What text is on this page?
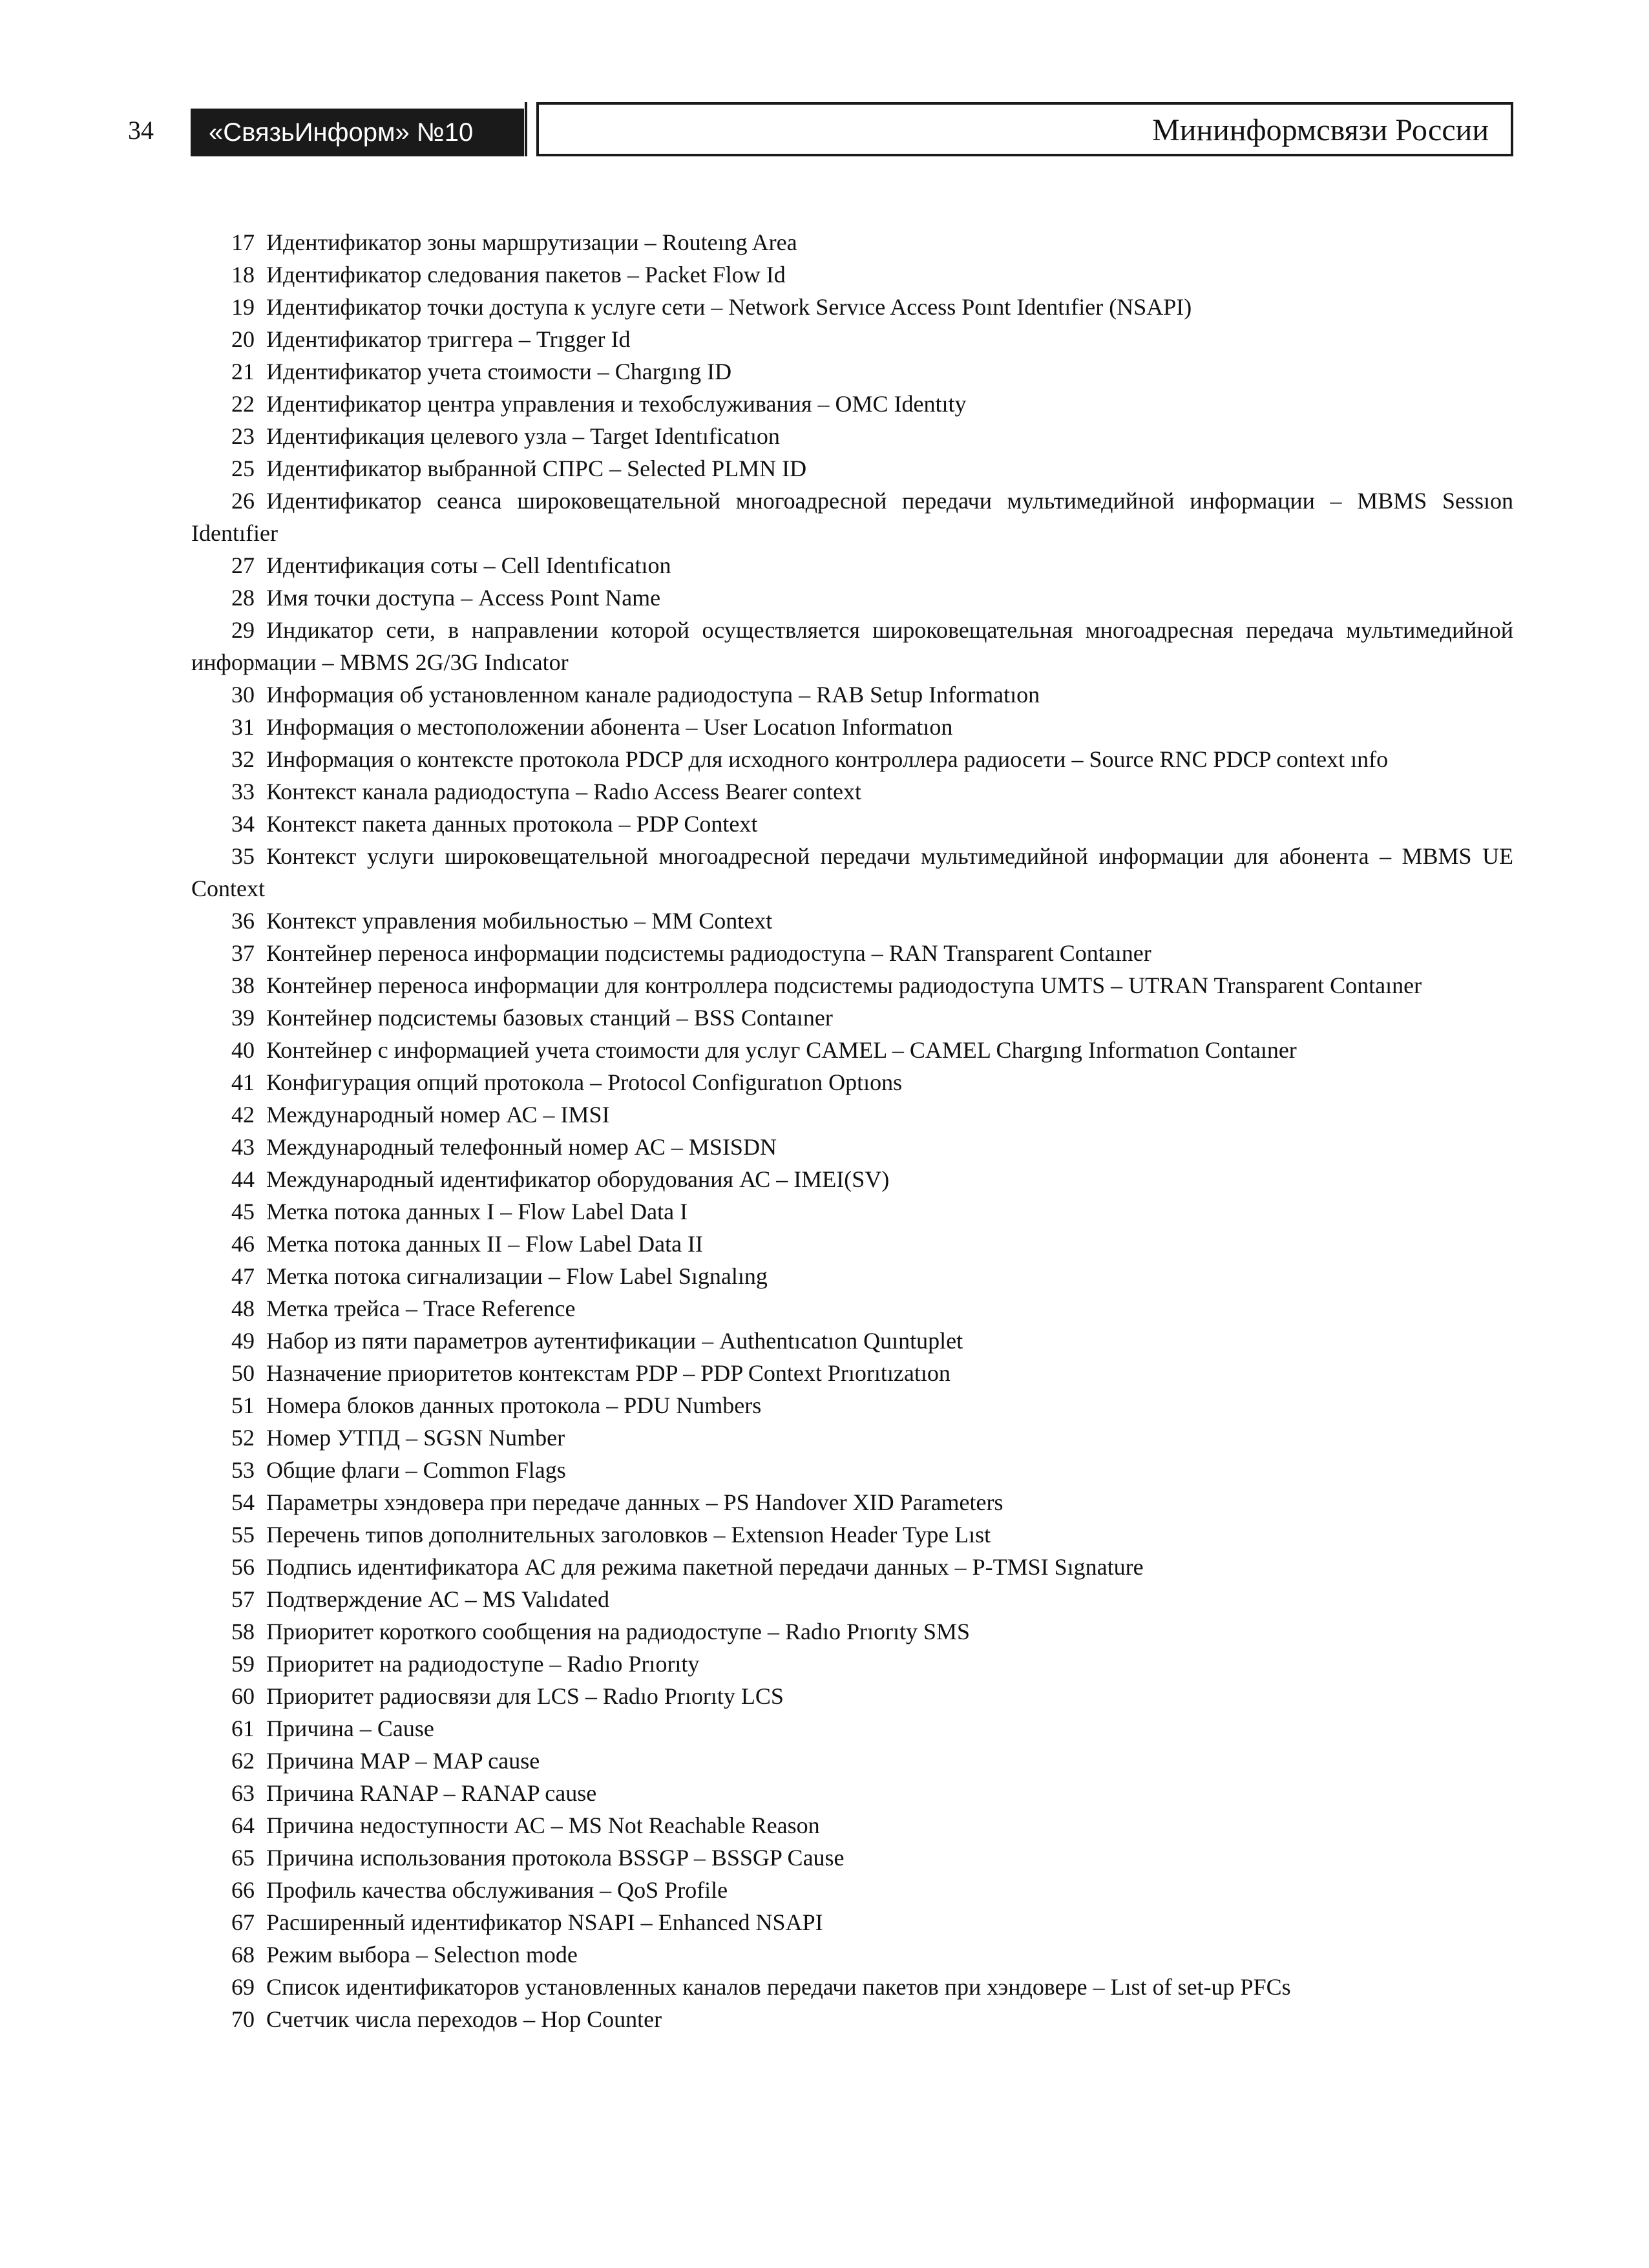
34	«СвязьИнформ» №10	Мининформсвязи России
17 Идентификатор зоны маршрутизации – Routeıng Area
18 Идентификатор следования пакетов – Packet Flow Id
19 Идентификатор точки доступа к услуге сети – Network Servıce Access Poınt Identıfier (NSAPI)
20 Идентификатор триггера – Trıgger Id
21 Идентификатор учета стоимости – Chargıng ID
22 Идентификатор центра управления и техобслуживания – OMC Identıty
23 Идентификация целевого узла – Target Identıficatıon
25 Идентификатор выбранной СПРС – Selected PLMN ID
26 Идентификатор сеанса широковещательной многоадресной передачи мультимедийной информации – MBMS Sessıon Identıfier
27 Идентификация соты – Cell Identıficatıon
28 Имя точки доступа – Access Poınt Name
29 Индикатор сети, в направлении которой осуществляется широковещательная многоадресная передача мультимедийной информации – MBMS 2G/3G Indıcator
30 Информация об установленном канале радиодоступа – RAB Setup Informatıon
31 Информация о местоположении абонента – User Locatıon Informatıon
32 Информация о контексте протокола PDCP для исходного контроллера радиосети – Source RNC PDCP context ınfo
33 Контекст канала радиодоступа – Radıo Access Bearer context
34 Контекст пакета данных протокола – PDP Context
35 Контекст услуги широковещательной многоадресной передачи мультимедийной информации для абонента – MBMS UE Context
36 Контекст управления мобильностью – MM Context
37 Контейнер переноса информации подсистемы радиодоступа – RAN Transparent Contaıner
38 Контейнер переноса информации для контроллера подсистемы радиодоступа UMTS – UTRAN Transparent Contaıner
39 Контейнер подсистемы базовых станций – BSS Contaıner
40 Контейнер с информацией учета стоимости для услуг CAMEL – CAMEL Chargıng Informatıon Contaıner
41 Конфигурация опций протокола – Protocol Configuratıon Optıons
42 Международный номер АС – IMSI
43 Международный телефонный номер АС – MSISDN
44 Международный идентификатор оборудования АС – IMEI(SV)
45 Метка потока данных I – Flow Label Data I
46 Метка потока данных II – Flow Label Data II
47 Метка потока сигнализации – Flow Label Sıgnalıng
48 Метка трейса – Trace Reference
49 Набор из пяти параметров аутентификации – Authentıcatıon Quıntuplet
50 Назначение приоритетов контекстам PDP – PDP Context Prıorıtızatıon
51 Номера блоков данных протокола – PDU Numbers
52 Номер УТПД – SGSN Number
53 Общие флаги – Common Flags
54 Параметры хэндовера при передаче данных – PS Handover XID Parameters
55 Перечень типов дополнительных заголовков – Extensıon Header Type Lıst
56 Подпись идентификатора АС для режима пакетной передачи данных – P-TMSI Sıgnature
57 Подтверждение АС – MS Valıdated
58 Приоритет короткого сообщения на радиодоступе – Radıo Prıorıty SMS
59 Приоритет на радиодоступе – Radıo Prıorıty
60 Приоритет радиосвязи для LCS – Radıo Prıorıty LCS
61 Причина – Cause
62 Причина MAP – MAP cause
63 Причина RANAP – RANAP cause
64 Причина недоступности АС – MS Not Reachable Reason
65 Причина использования протокола BSSGP – BSSGP Cause
66 Профиль качества обслуживания – QoS Profile
67 Расширенный идентификатор NSAPI – Enhanced NSAPI
68 Режим выбора – Selectıon mode
69 Список идентификаторов установленных каналов передачи пакетов при хэндовере – Lıst of set-up PFCs
70 Счетчик числа переходов – Hop Counter
